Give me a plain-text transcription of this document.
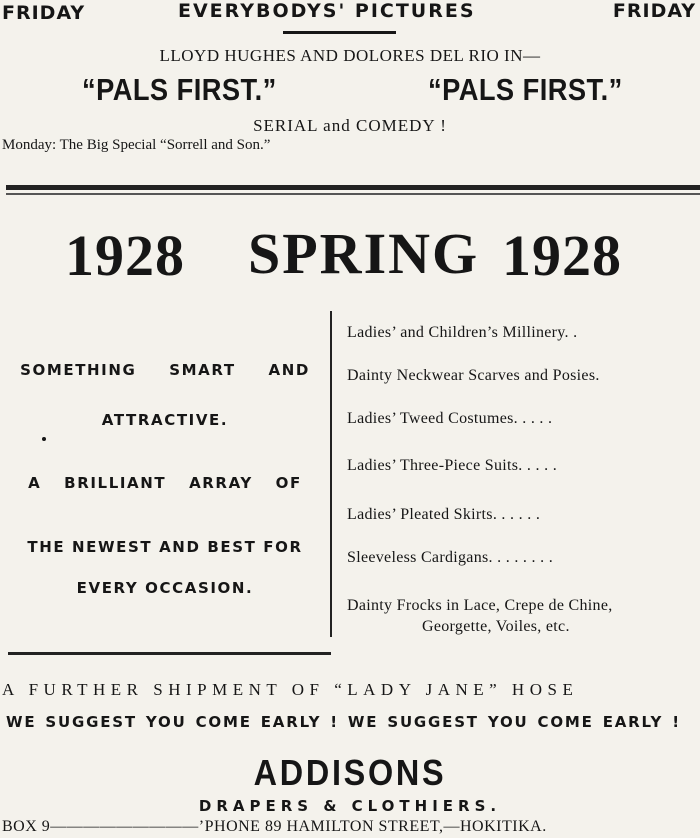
FRIDAY	EVERYBODYS' PICTURES	FRIDAY
LLOYD HUGHES AND DOLORES DEL RIO IN—
“PALS FIRST.”	“PALS FIRST.”
SERIAL and COMEDY !
Monday: The Big Special “Sorrell and Son.”
1928 SPRING 1928
SOMETHING SMART AND
ATTRACTIVE.
A BRILLIANT ARRAY OF
THE NEWEST AND BEST FOR
EVERY OCCASION.
Ladies’ and Children’s Millinery. .
Dainty Neckwear Scarves and Posies.
Ladies’ Tweed Costumes. . . . .
Ladies’ Three-Piece Suits. . . . .
Ladies’ Pleated Skirts. . . . . .
Sleeveless Cardigans. . . . . . . .
Dainty Frocks in Lace, Crepe de Chine,
Georgette, Voiles, etc.
A FURTHER SHIPMENT OF “LADY JANE” HOSE
WE SUGGEST YOU COME EARLY ! WE SUGGEST YOU COME EARLY !
ADDISONS
DRAPERS & CLOTHIERS.
BOX 9—————————’PHONE 89 HAMILTON STREET,—HOKITIKA.
